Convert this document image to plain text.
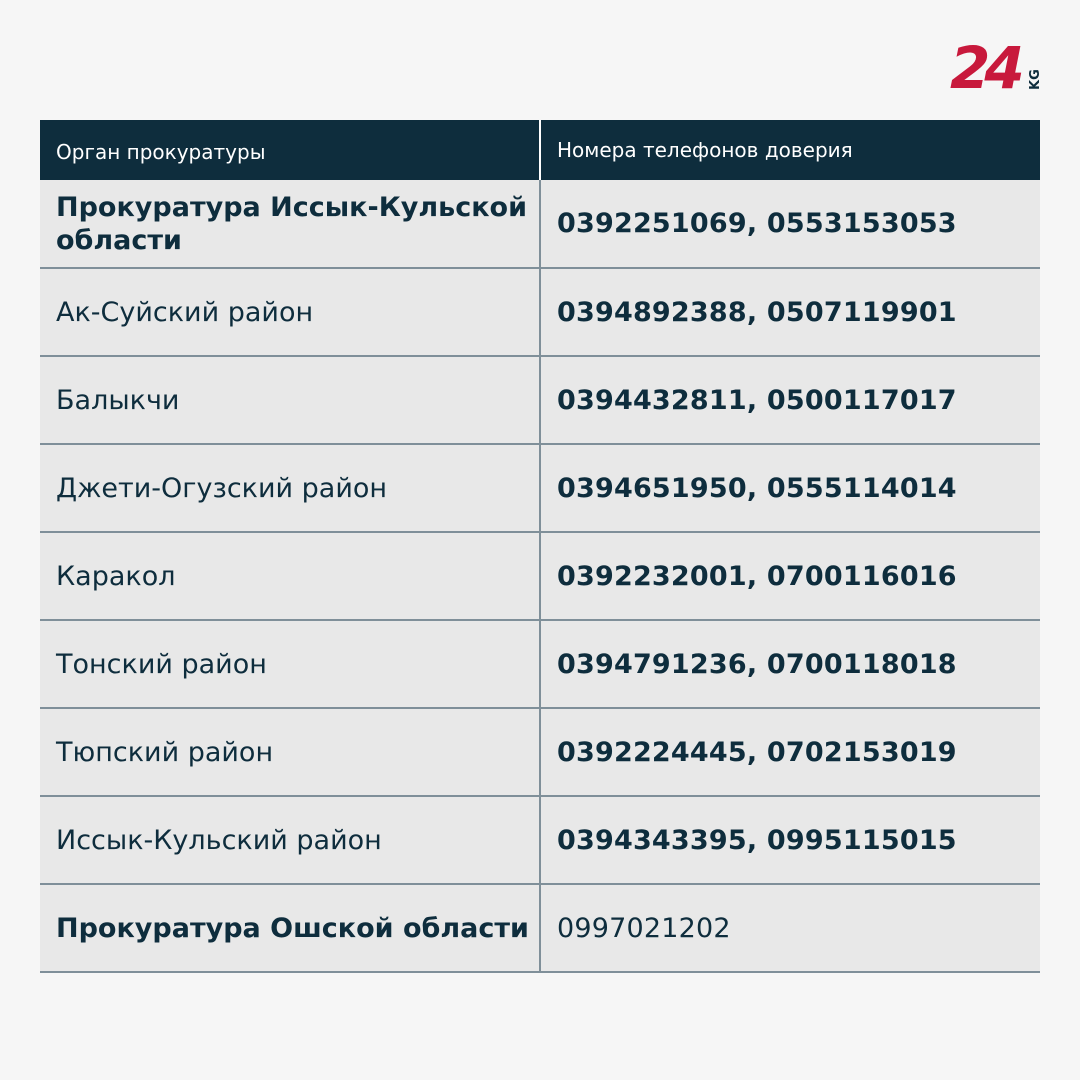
24 KG
Орган прокуратуры	Номера телефонов доверия
Прокуратура Иссык-Кульской области	0392251069, 0553153053
Ак-Суйский район	0394892388, 0507119901
Балыкчи	0394432811, 0500117017
Джети-Огузский район	0394651950, 0555114014
Каракол	0392232001, 0700116016
Тонский район	0394791236, 0700118018
Тюпский район	0392224445, 0702153019
Иссык-Кульский район	0394343395, 0995115015
Прокуратура Ошской области	0997021202
